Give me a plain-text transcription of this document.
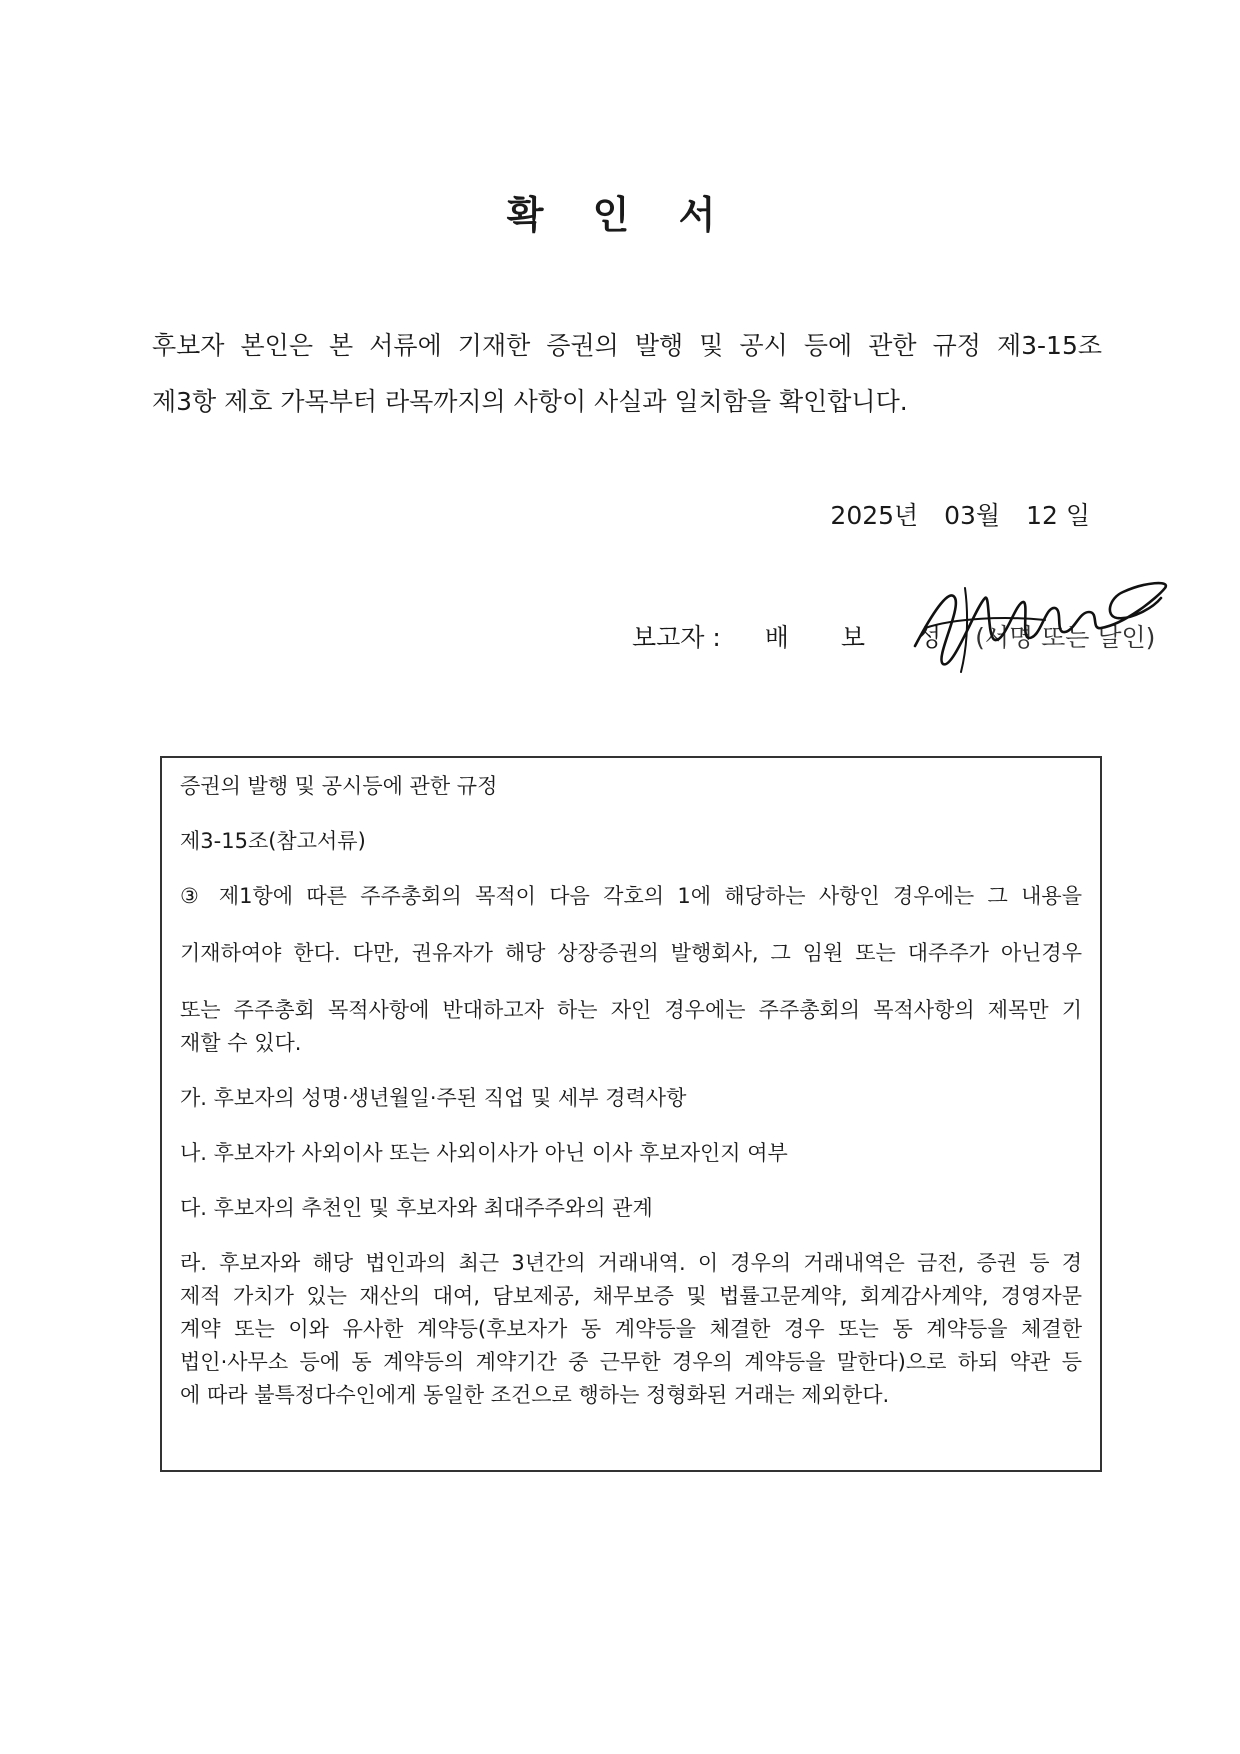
확 인 서

후보자 본인은 본 서류에 기재한 증권의 발행 및 공시 등에 관한 규정 제3-15조

제3항 제호 가목부터 라목까지의 사항이 사실과 일치함을 확인합니다.

2025년 03월 12 일
보고자 : 배 보 성 (서명 또는 날인)

증권의 발행 및 공시등에 관한 규정

제3-15조(참고서류)

③ 제1항에 따른 주주총회의 목적이 다음 각호의 1에 해당하는 사항인 경우에는 그 내용을

기재하여야 한다. 다만, 권유자가 해당 상장증권의 발행회사, 그 임원 또는 대주주가 아닌경우

또는 주주총회 목적사항에 반대하고자 하는 자인 경우에는 주주총회의 목적사항의 제목만 기

재할 수 있다.

가. 후보자의 성명·생년월일·주된 직업 및 세부 경력사항

나. 후보자가 사외이사 또는 사외이사가 아닌 이사 후보자인지 여부

다. 후보자의 추천인 및 후보자와 최대주주와의 관계

라. 후보자와 해당 법인과의 최근 3년간의 거래내역. 이 경우의 거래내역은 금전, 증권 등 경

제적 가치가 있는 재산의 대여, 담보제공, 채무보증 및 법률고문계약, 회계감사계약, 경영자문

계약 또는 이와 유사한 계약등(후보자가 동 계약등을 체결한 경우 또는 동 계약등을 체결한

법인·사무소 등에 동 계약등의 계약기간 중 근무한 경우의 계약등을 말한다)으로 하되 약관 등

에 따라 불특정다수인에게 동일한 조건으로 행하는 정형화된 거래는 제외한다.
